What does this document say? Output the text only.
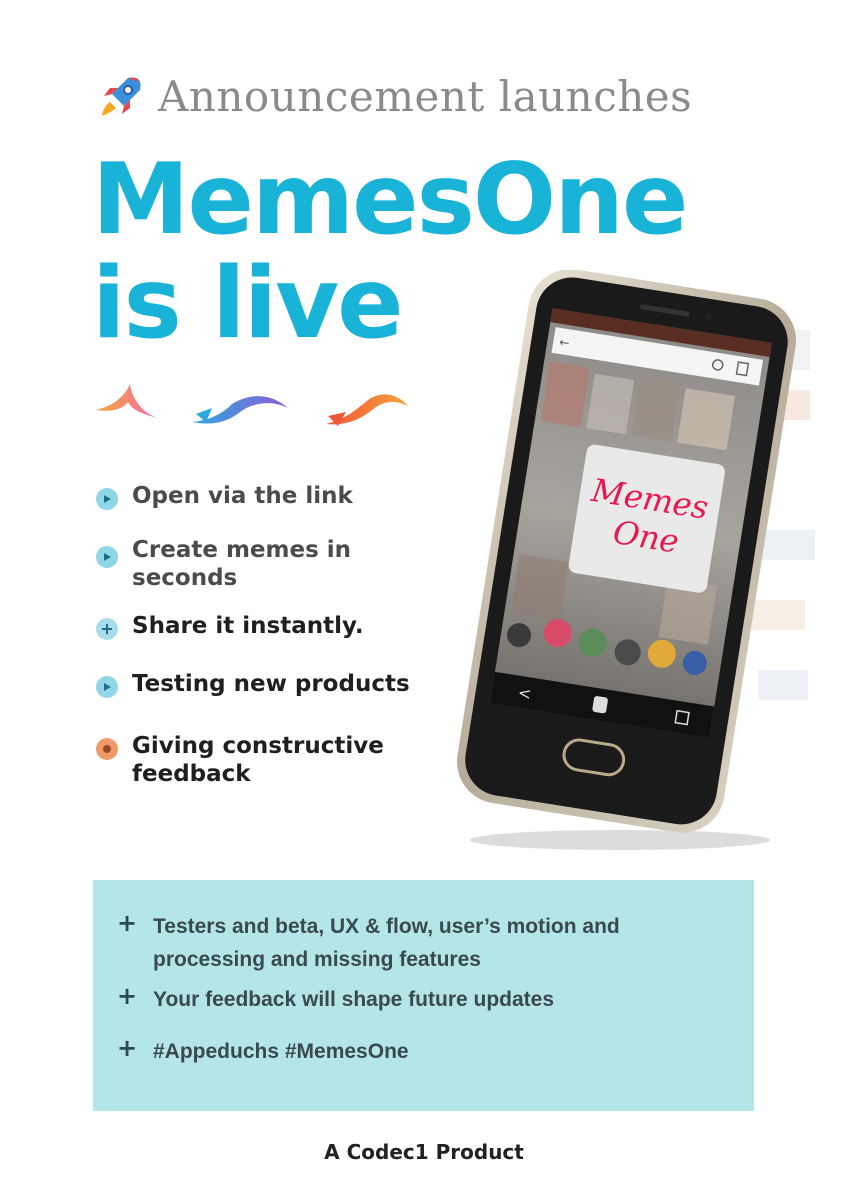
Announcement launches
MemesOne
is live
Open via the link
Create memes in seconds
Share it instantly.
Testing new products
Giving constructive feedback
←
Memes
One
<
+ Testers and beta, UX & flow, user’s motion and processing and missing features
+ Your feedback will shape future updates
+ #Appeduchs #MemesOne
A Codec1 Product
